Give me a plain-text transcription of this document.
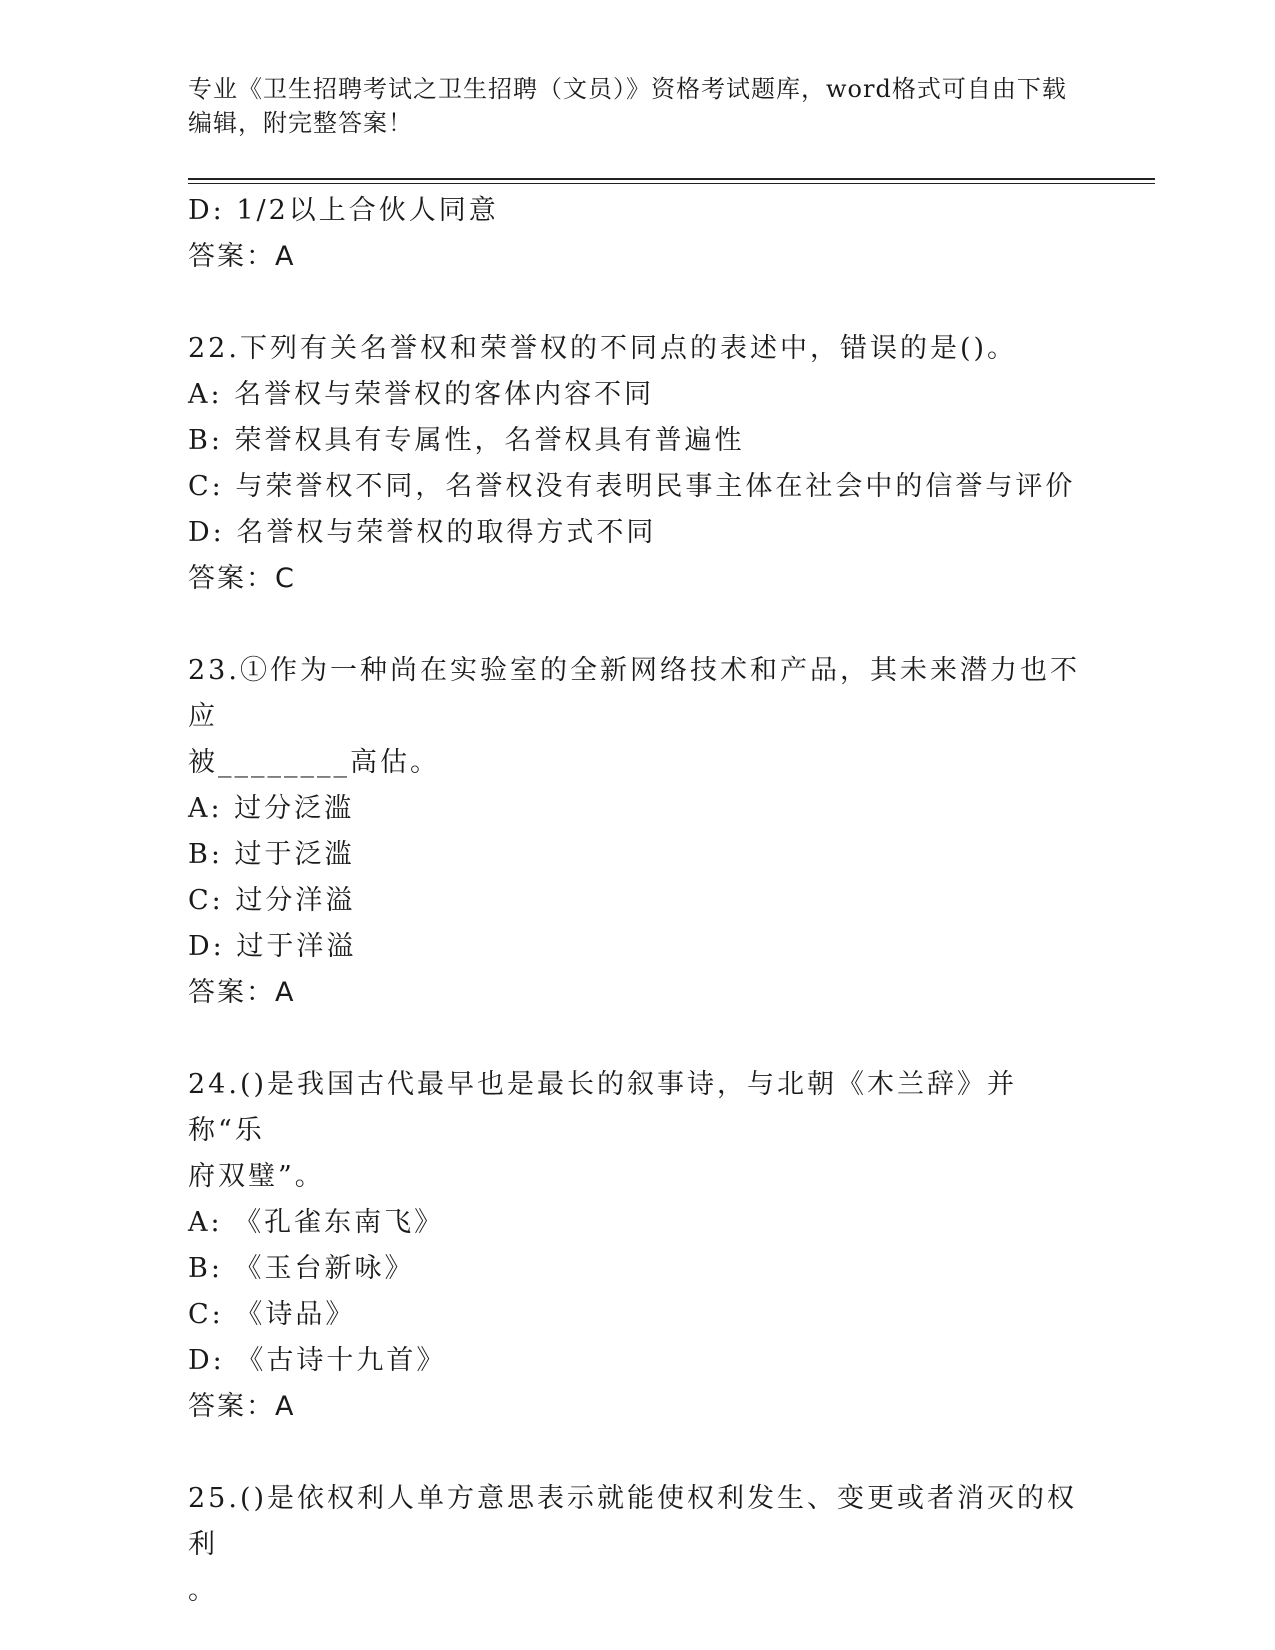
专业《卫生招聘考试之卫生招聘（文员）》资格考试题库，word格式可自由下载编辑，附完整答案！
D: 1/2以上合伙人同意
答案：A
22.下列有关名誉权和荣誉权的不同点的表述中，错误的是()。
A: 名誉权与荣誉权的客体内容不同
B: 荣誉权具有专属性，名誉权具有普遍性
C: 与荣誉权不同，名誉权没有表明民事主体在社会中的信誉与评价
D: 名誉权与荣誉权的取得方式不同
答案：C
23.①作为一种尚在实验室的全新网络技术和产品，其未来潜力也不应
被________高估。
A: 过分泛滥
B: 过于泛滥
C: 过分洋溢
D: 过于洋溢
答案：A
24.()是我国古代最早也是最长的叙事诗，与北朝《木兰辞》并称“乐
府双璧”。
A: 《孔雀东南飞》
B: 《玉台新咏》
C: 《诗品》
D: 《古诗十九首》
答案：A
25.()是依权利人单方意思表示就能使权利发生、变更或者消灭的权利
。
